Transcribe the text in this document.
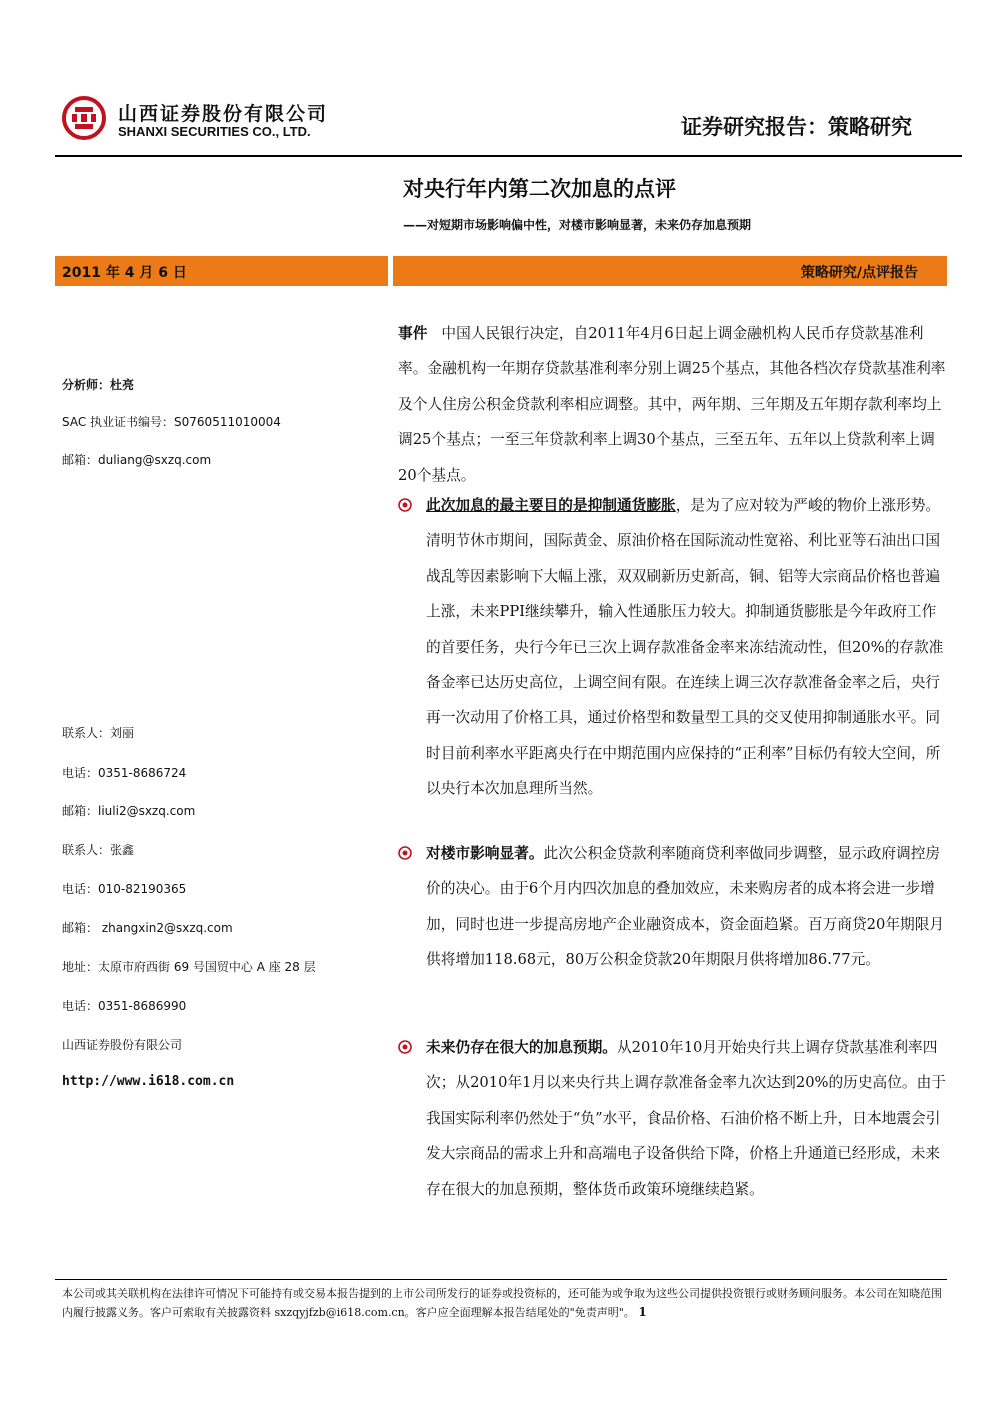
山西证券股份有限公司
SHANXI SECURITIES CO., LTD.	证券研究报告：策略研究
对央行年内第二次加息的点评
——对短期市场影响偏中性，对楼市影响显著，未来仍存加息预期
2011 年 4 月 6 日	策略研究/点评报告
分析师：杜亮
SAC 执业证书编号：S0760511010004
邮箱：duliang@sxzq.com
联系人：刘丽
电话：0351-8686724
邮箱：liuli2@sxzq.com
联系人：张鑫
电话：010-82190365
邮箱： zhangxin2@sxzq.com
地址：太原市府西街 69 号国贸中心 A 座 28 层
电话：0351-8686990
山西证券股份有限公司
http://www.i618.com.cn

事件 中国人民银行决定，自2011年4月6日起上调金融机构人民币存贷款基准利率。金融机构一年期存贷款基准利率分别上调25个基点，其他各档次存贷款基准利率及个人住房公积金贷款利率相应调整。其中，两年期、三年期及五年期存款利率均上调25个基点；一至三年贷款利率上调30个基点，三至五年、五年以上贷款利率上调20个基点。

此次加息的最主要目的是抑制通货膨胀，是为了应对较为严峻的物价上涨形势。清明节休市期间，国际黄金、原油价格在国际流动性宽裕、利比亚等石油出口国战乱等因素影响下大幅上涨，双双刷新历史新高，铜、铝等大宗商品价格也普遍上涨，未来PPI继续攀升，输入性通胀压力较大。抑制通货膨胀是今年政府工作的首要任务，央行今年已三次上调存款准备金率来冻结流动性，但20%的存款准备金率已达历史高位，上调空间有限。在连续上调三次存款准备金率之后，央行再一次动用了价格工具，通过价格型和数量型工具的交叉使用抑制通胀水平。同时目前利率水平距离央行在中期范围内应保持的“正利率”目标仍有较大空间，所以央行本次加息理所当然。
对楼市影响显著。此次公积金贷款利率随商贷利率做同步调整，显示政府调控房价的决心。由于6个月内四次加息的叠加效应，未来购房者的成本将会进一步增加，同时也进一步提高房地产企业融资成本，资金面趋紧。百万商贷20年期限月供将增加118.68元，80万公积金贷款20年期限月供将增加86.77元。
未来仍存在很大的加息预期。从2010年10月开始央行共上调存贷款基准利率四次；从2010年1月以来央行共上调存款准备金率九次达到20%的历史高位。由于我国实际利率仍然处于“负”水平，食品价格、石油价格不断上升，日本地震会引发大宗商品的需求上升和高端电子设备供给下降，价格上升通道已经形成，未来存在很大的加息预期，整体货币政策环境继续趋紧。
本公司或其关联机构在法律许可情况下可能持有或交易本报告提到的上市公司所发行的证券或投资标的，还可能为或争取为这些公司提供投资银行或财务顾问服务。本公司在知晓范围内履行披露义务。客户可索取有关披露资料 sxzqyjfzb@i618.com.cn。客户应全面理解本报告结尾处的"免责声明"。 1
